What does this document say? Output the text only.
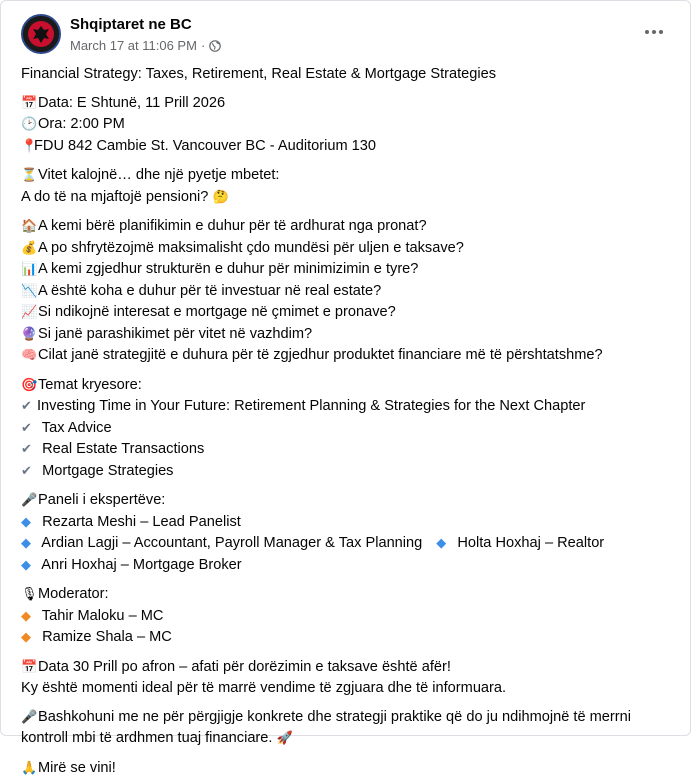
Shqiptaret ne BC
March 17 at 11:06 PM ·
Financial Strategy: Taxes, Retirement, Real Estate & Mortgage Strategies
📅Data: E Shtunë, 11 Prill 2026
🕑Ora: 2:00 PM
📍FDU 842 Cambie St. Vancouver BC - Auditorium 130
⏳Vitet kalojnë… dhe një pyetje mbetet:
A do të na mjaftojë pensioni? 🤔
🏠A kemi bërë planifikimin e duhur për të ardhurat nga pronat?
💰A po shfrytëzojmë maksimalisht çdo mundësi për uljen e taksave?
📊A kemi zgjedhur strukturën e duhur për minimizimin e tyre?
📉A është koha e duhur për të investuar në real estate?
📈Si ndikojnë interesat e mortgage në çmimet e pronave?
🔮Si janë parashikimet për vitet në vazhdim?
🧠Cilat janë strategjitë e duhura për të zgjedhur produktet financiare më të përshtatshme?
🎯Temat kryesore:
✔ Investing Time in Your Future: Retirement Planning & Strategies for the Next Chapter
✔ Tax Advice
✔ Real Estate Transactions
✔ Mortgage Strategies
🎤Paneli i ekspertëve:
◆ Rezarta Meshi – Lead Panelist
◆ Ardian Lagji – Accountant, Payroll Manager & Tax Planning ◆ Holta Hoxhaj – Realtor
◆ Anri Hoxhaj – Mortgage Broker
🎙Moderator:
◆ Tahir Maloku – MC
◆ Ramize Shala – MC
📅Data 30 Prill po afron – afati për dorëzimin e taksave është afër!
Ky është momenti ideal për të marrë vendime të zgjuara dhe të informuara.
🎤Bashkohuni me ne për përgjigje konkrete dhe strategji praktike që do ju ndihmojnë të merrni
kontroll mbi të ardhmen tuaj financiare. 🚀
🙏Mirë se vini!
